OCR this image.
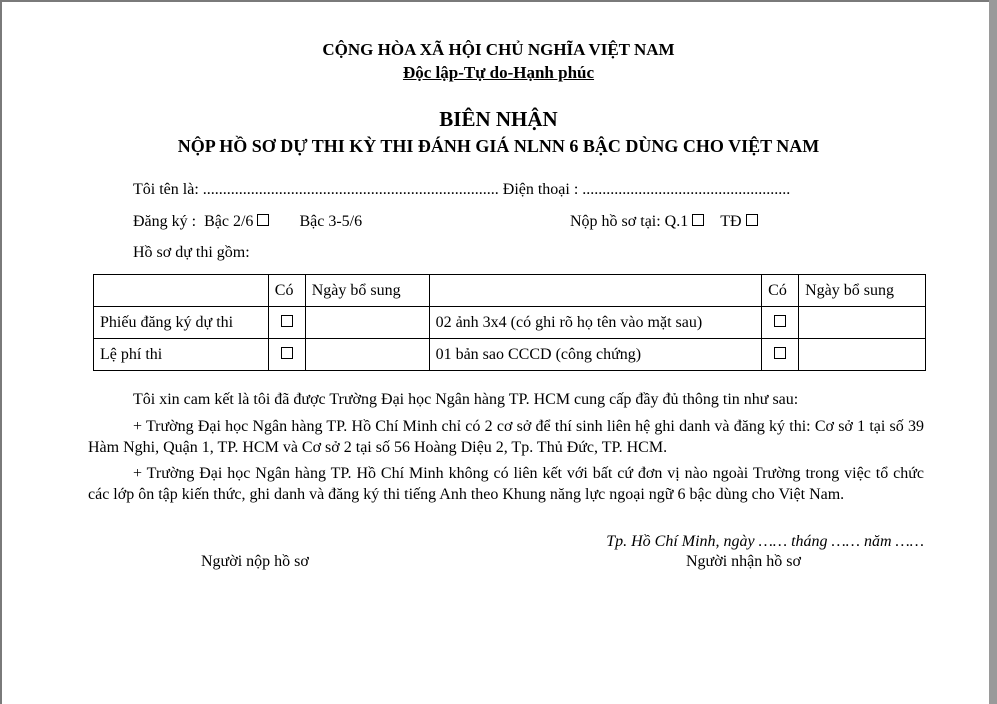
CỘNG HÒA XÃ HỘI CHỦ NGHĨA VIỆT NAM
Độc lập-Tự do-Hạnh phúc
BIÊN NHẬN
NỘP HỒ SƠ DỰ THI KỲ THI ĐÁNH GIÁ NLNN 6 BẬC DÙNG CHO VIỆT NAM
Tôi tên là: .......................................................................... Điện thoại : ....................................................
Đăng ký : Bậc 2/6	Bậc 3-5/6	Nộp hồ sơ tại: Q.1 TĐ
Hồ sơ dự thi gồm:
	Có	Ngày bổ sung		Có	Ngày bổ sung
Phiếu đăng ký dự thi			02 ảnh 3x4 (có ghi rõ họ tên vào mặt sau)		
Lệ phí thi			01 bản sao CCCD (công chứng)		
Tôi xin cam kết là tôi đã được Trường Đại học Ngân hàng TP. HCM cung cấp đầy đủ thông tin như sau:
+ Trường Đại học Ngân hàng TP. Hồ Chí Minh chỉ có 2 cơ sở để thí sinh liên hệ ghi danh và đăng ký thi: Cơ sở 1 tại số 39 Hàm Nghi, Quận 1, TP. HCM và Cơ sở 2 tại số 56 Hoàng Diệu 2, Tp. Thủ Đức, TP. HCM.
+ Trường Đại học Ngân hàng TP. Hồ Chí Minh không có liên kết với bất cứ đơn vị nào ngoài Trường trong việc tổ chức các lớp ôn tập kiến thức, ghi danh và đăng ký thi tiếng Anh theo Khung năng lực ngoại ngữ 6 bậc dùng cho Việt Nam.
Tp. Hồ Chí Minh, ngày …… tháng …… năm ……
Người nộp hồ sơ	Người nhận hồ sơ
